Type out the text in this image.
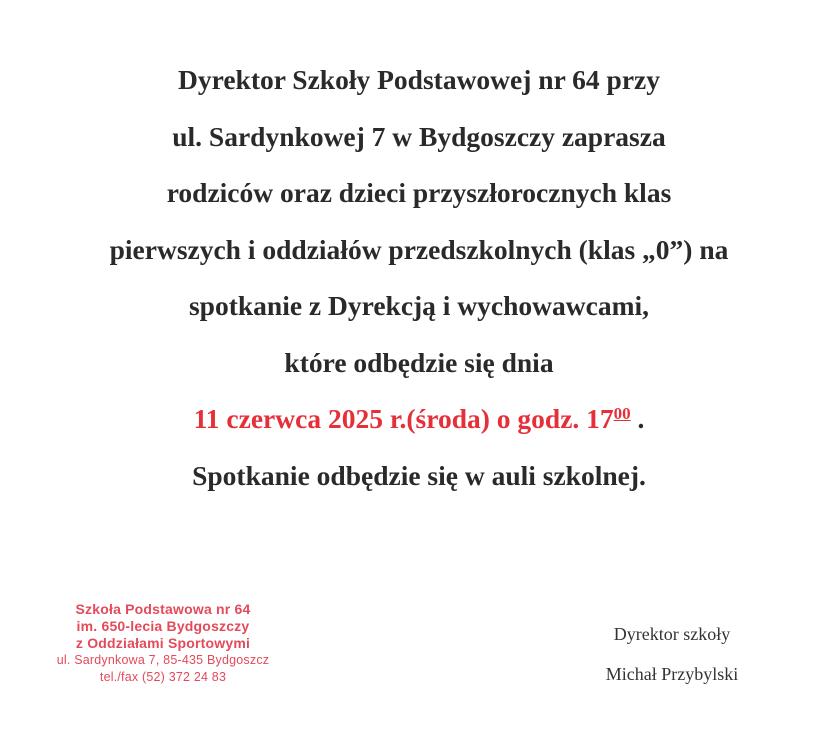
Dyrektor Szkoły Podstawowej nr 64 przy
ul. Sardynkowej 7 w Bydgoszczy zaprasza
rodziców oraz dzieci przyszłorocznych klas
pierwszych i oddziałów przedszkolnych (klas „0”) na
spotkanie z Dyrekcją i wychowawcami,
które odbędzie się dnia
11 czerwca 2025 r.(środa) o godz. $17^{00}$ .
Spotkanie odbędzie się w auli szkolnej.
Szkoła Podstawowa nr 64
im. 650-lecia Bydgoszczy
z Oddziałami Sportowymi
ul. Sardynkowa 7, 85-435 Bydgoszcz
tel./fax (52) 372 24 83
Dyrektor szkoły
Michał Przybylski
